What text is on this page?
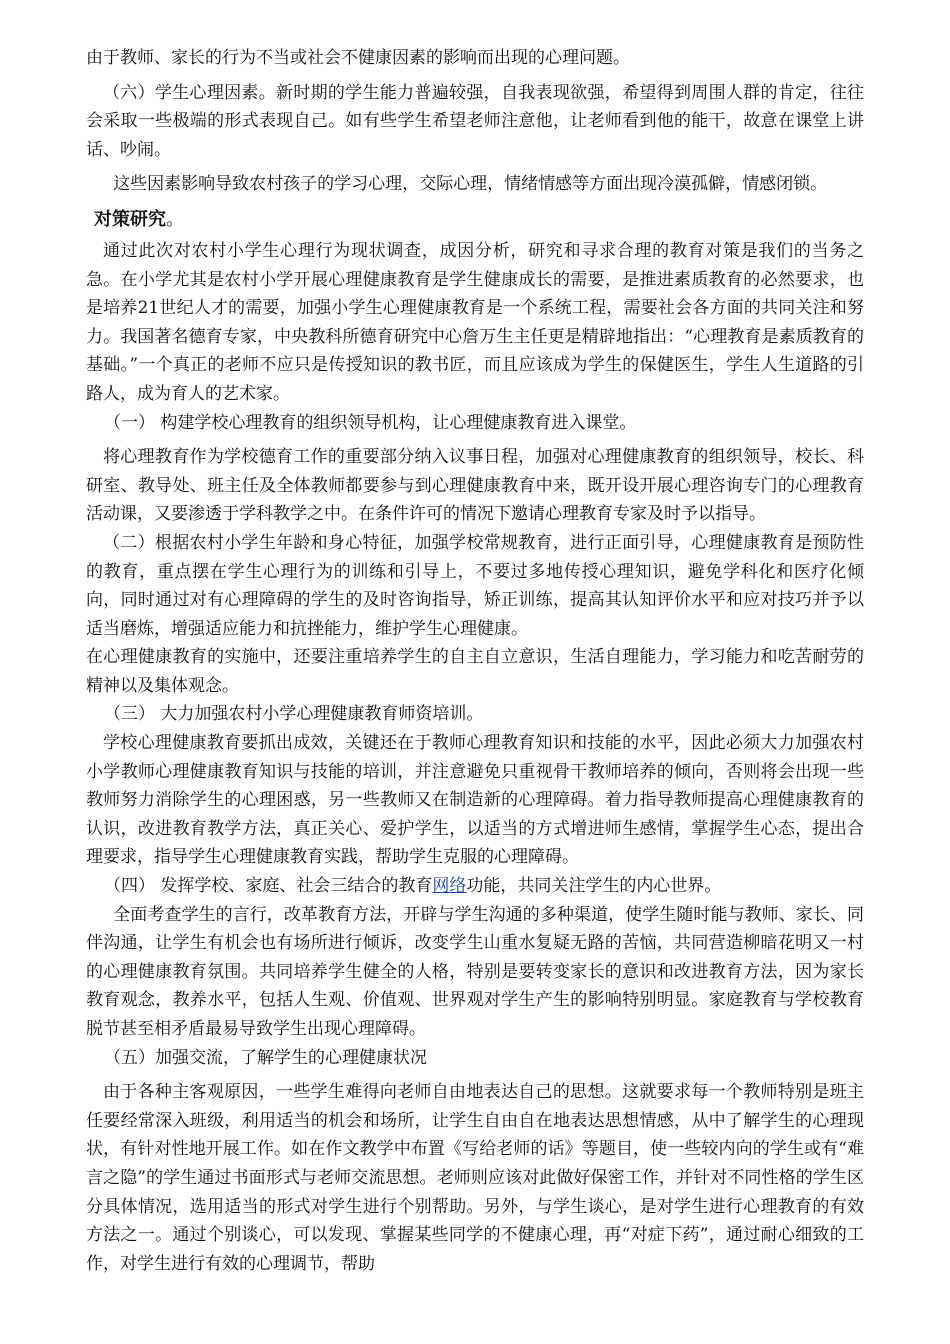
由于教师、家长的行为不当或社会不健康因素的影响而出现的心理问题。

（六）学生心理因素。新时期的学生能力普遍较强，自我表现欲强，希望得到周围人群的肯定，往往会采取一些极端的形式表现自己。如有些学生希望老师注意他，让老师看到他的能干，故意在课堂上讲话、吵闹。

这些因素影响导致农村孩子的学习心理，交际心理，情绪情感等方面出现冷漠孤僻，情感闭锁。

对策研究。

通过此次对农村小学生心理行为现状调查，成因分析，研究和寻求合理的教育对策是我们的当务之急。在小学尤其是农村小学开展心理健康教育是学生健康成长的需要，是推进素质教育的必然要求，也是培养21世纪人才的需要，加强小学生心理健康教育是一个系统工程，需要社会各方面的共同关注和努力。我国著名德育专家，中央教科所德育研究中心詹万生主任更是精辟地指出：“心理教育是素质教育的基础。”一个真正的老师不应只是传授知识的教书匠，而且应该成为学生的保健医生，学生人生道路的引路人，成为育人的艺术家。

（一） 构建学校心理教育的组织领导机构，让心理健康教育进入课堂。

将心理教育作为学校德育工作的重要部分纳入议事日程，加强对心理健康教育的组织领导，校长、科研室、教导处、班主任及全体教师都要参与到心理健康教育中来，既开设开展心理咨询专门的心理教育活动课，又要渗透于学科教学之中。在条件许可的情况下邀请心理教育专家及时予以指导。

（二）根据农村小学生年龄和身心特征，加强学校常规教育，进行正面引导，心理健康教育是预防性的教育，重点摆在学生心理行为的训练和引导上，不要过多地传授心理知识，避免学科化和医疗化倾向，同时通过对有心理障碍的学生的及时咨询指导，矫正训练，提高其认知评价水平和应对技巧并予以适当磨炼，增强适应能力和抗挫能力，维护学生心理健康。

在心理健康教育的实施中，还要注重培养学生的自主自立意识，生活自理能力，学习能力和吃苦耐劳的精神以及集体观念。

（三） 大力加强农村小学心理健康教育师资培训。

学校心理健康教育要抓出成效，关键还在于教师心理教育知识和技能的水平，因此必须大力加强农村小学教师心理健康教育知识与技能的培训，并注意避免只重视骨干教师培养的倾向，否则将会出现一些教师努力消除学生的心理困惑，另一些教师又在制造新的心理障碍。着力指导教师提高心理健康教育的认识，改进教育教学方法，真正关心、爱护学生，以适当的方式增进师生感情，掌握学生心态，提出合理要求，指导学生心理健康教育实践，帮助学生克服的心理障碍。

（四） 发挥学校、家庭、社会三结合的教育网络功能，共同关注学生的内心世界。

全面考查学生的言行，改革教育方法，开辟与学生沟通的多种渠道，使学生随时能与教师、家长、同伴沟通，让学生有机会也有场所进行倾诉，改变学生山重水复疑无路的苦恼，共同营造柳暗花明又一村的心理健康教育氛围。共同培养学生健全的人格，特别是要转变家长的意识和改进教育方法，因为家长教育观念，教养水平，包括人生观、价值观、世界观对学生产生的影响特别明显。家庭教育与学校教育脱节甚至相矛盾最易导致学生出现心理障碍。

（五）加强交流，了解学生的心理健康状况

由于各种主客观原因，一些学生难得向老师自由地表达自己的思想。这就要求每一个教师特别是班主任要经常深入班级，利用适当的机会和场所，让学生自由自在地表达思想情感，从中了解学生的心理现状，有针对性地开展工作。如在作文教学中布置《写给老师的话》等题目，使一些较内向的学生或有“难言之隐”的学生通过书面形式与老师交流思想。老师则应该对此做好保密工作，并针对不同性格的学生区分具体情况，选用适当的形式对学生进行个别帮助。另外，与学生谈心，是对学生进行心理教育的有效方法之一。通过个别谈心，可以发现、掌握某些同学的不健康心理，再“对症下药”，通过耐心细致的工作，对学生进行有效的心理调节，帮助
